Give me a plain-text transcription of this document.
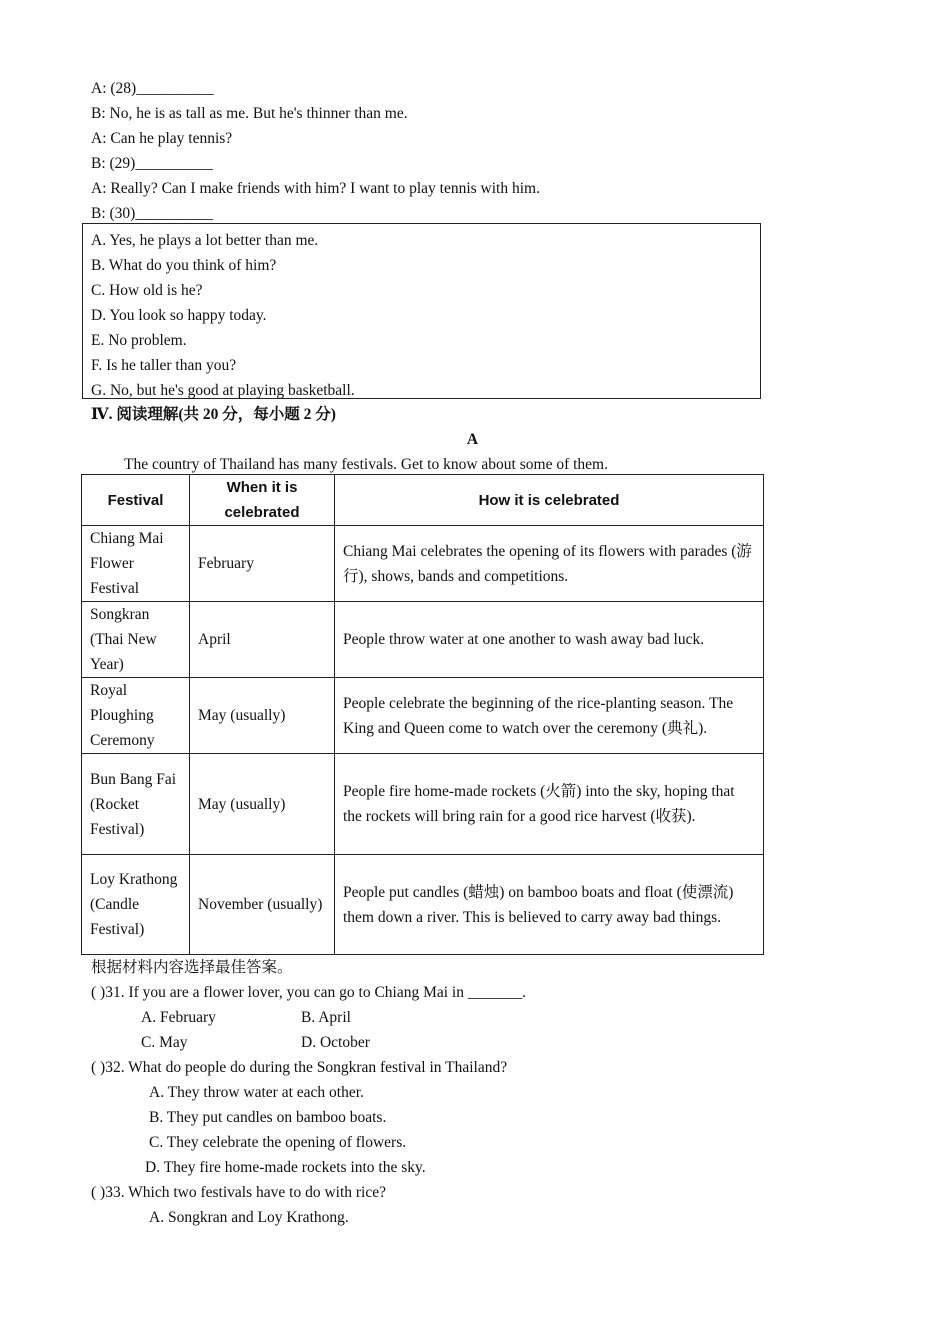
A: (28)__________
B: No, he is as tall as me. But he's thinner than me.
A: Can he play tennis?
B: (29)__________
A: Really? Can I make friends with him? I want to play tennis with him.
B: (30)__________
A. Yes, he plays a lot better than me.
B. What do you think of him?
C. How old is he?
D. You look so happy today.
E. No problem.
F. Is he taller than you?
G. No, but he's good at playing basketball.
Ⅳ. 阅读理解(共 20 分，每小题 2 分)
A
The country of Thailand has many festivals. Get to know about some of them.
Festival	When it is celebrated	How it is celebrated
Chiang Mai Flower Festival	February	Chiang Mai celebrates the opening of its flowers with parades (游行), shows, bands and competitions.
Songkran (Thai New Year)	April	People throw water at one another to wash away bad luck.
Royal Ploughing Ceremony	May (usually)	People celebrate the beginning of the rice-planting season. The King and Queen come to watch over the ceremony (典礼).
Bun Bang Fai (Rocket Festival)	May (usually)	People fire home-made rockets (火箭) into the sky, hoping that the rockets will bring rain for a good rice harvest (收获).
Loy Krathong (Candle Festival)	November (usually)	People put candles (蜡烛) on bamboo boats and float (使漂流) them down a river. This is believed to carry away bad things.
根据材料内容选择最佳答案。
( )31. If you are a flower lover, you can go to Chiang Mai in _______.
A. February	B. April
C. May	D. October
( )32. What do people do during the Songkran festival in Thailand?
A. They throw water at each other.
B. They put candles on bamboo boats.
C. They celebrate the opening of flowers.
D. They fire home-made rockets into the sky.
( )33. Which two festivals have to do with rice?
A. Songkran and Loy Krathong.
